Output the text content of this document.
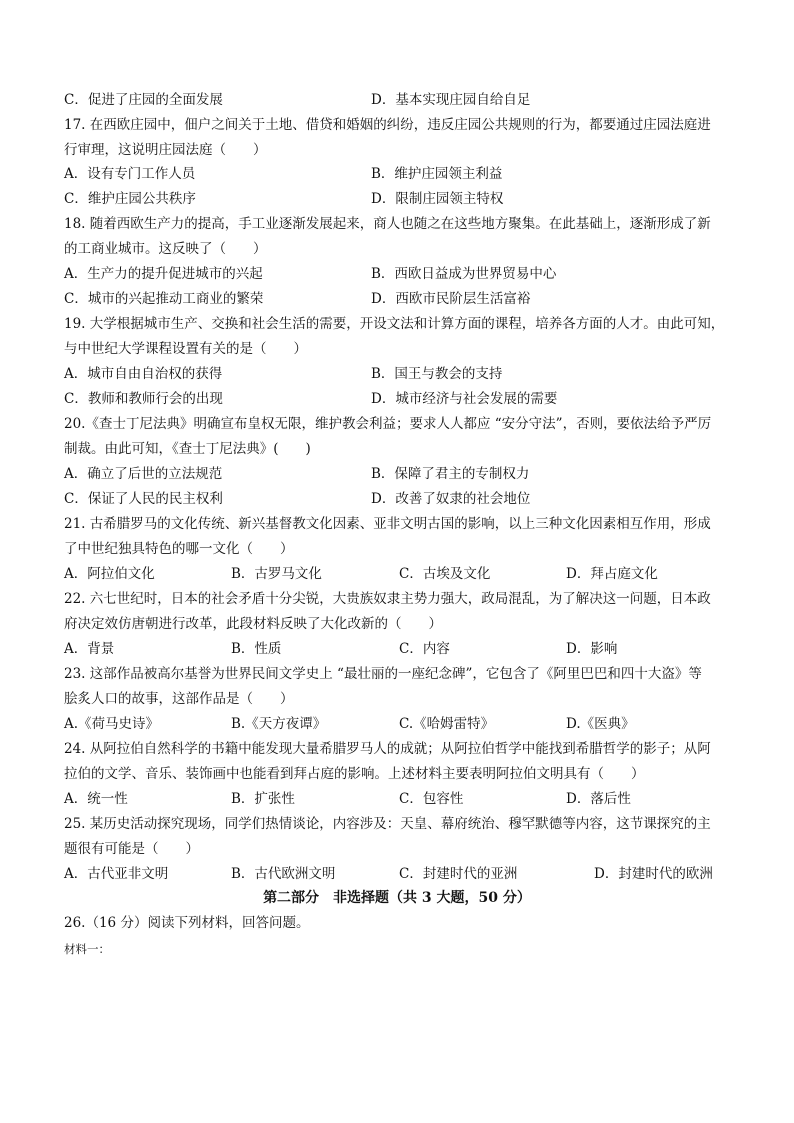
C．促进了庄园的全面发展	D．基本实现庄园自给自足
17. 在西欧庄园中，佃户之间关于土地、借贷和婚姻的纠纷，违反庄园公共规则的行为，都要通过庄园法庭进
行审理，这说明庄园法庭（　　）
A．设有专门工作人员	B．维护庄园领主利益
C．维护庄园公共秩序	D．限制庄园领主特权
18. 随着西欧生产力的提高，手工业逐渐发展起来，商人也随之在这些地方聚集。在此基础上，逐渐形成了新
的工商业城市。这反映了（　　）
A．生产力的提升促进城市的兴起	B．西欧日益成为世界贸易中心
C．城市的兴起推动工商业的繁荣	D．西欧市民阶层生活富裕
19. 大学根据城市生产、交换和社会生活的需要，开设文法和计算方面的课程，培养各方面的人才。由此可知，
与中世纪大学课程设置有关的是（　　）
A．城市自由自治权的获得	B．国王与教会的支持
C．教师和教师行会的出现	D．城市经济与社会发展的需要
20.《查士丁尼法典》明确宣布皇权无限，维护教会利益；要求人人都应 “安分守法”，否则，要依法给予严厉
制裁。由此可知，《查士丁尼法典》(　　)
A．确立了后世的立法规范	B．保障了君主的专制权力
C．保证了人民的民主权利	D．改善了奴隶的社会地位
21. 古希腊罗马的文化传统、新兴基督教文化因素、亚非文明古国的影响，以上三种文化因素相互作用，形成
了中世纪独具特色的哪一文化（　　）
A．阿拉伯文化	B．古罗马文化	C．古埃及文化	D．拜占庭文化
22. 六七世纪时，日本的社会矛盾十分尖锐，大贵族奴隶主势力强大，政局混乱，为了解决这一问题，日本政
府决定效仿唐朝进行改革，此段材料反映了大化改新的（　　）
A．背景	B．性质	C．内容	D．影响
23. 这部作品被高尔基誉为世界民间文学史上 “最壮丽的一座纪念碑”，它包含了《阿里巴巴和四十大盗》等
脍炙人口的故事，这部作品是（　　）
A.《荷马史诗》	B.《天方夜谭》	C.《哈姆雷特》	D.《医典》
24. 从阿拉伯自然科学的书籍中能发现大量希腊罗马人的成就；从阿拉伯哲学中能找到希腊哲学的影子；从阿
拉伯的文学、音乐、装饰画中也能看到拜占庭的影响。上述材料主要表明阿拉伯文明具有（　　）
A．统一性	B．扩张性	C．包容性	D．落后性
25. 某历史活动探究现场，同学们热情谈论，内容涉及：天皇、幕府统治、穆罕默德等内容，这节课探究的主
题很有可能是（　　）
A．古代亚非文明	B．古代欧洲文明	C．封建时代的亚洲	D．封建时代的欧洲
第二部分　非选择题（共 3 大题，50 分）
26.（16 分）阅读下列材料，回答问题。
材料一：
